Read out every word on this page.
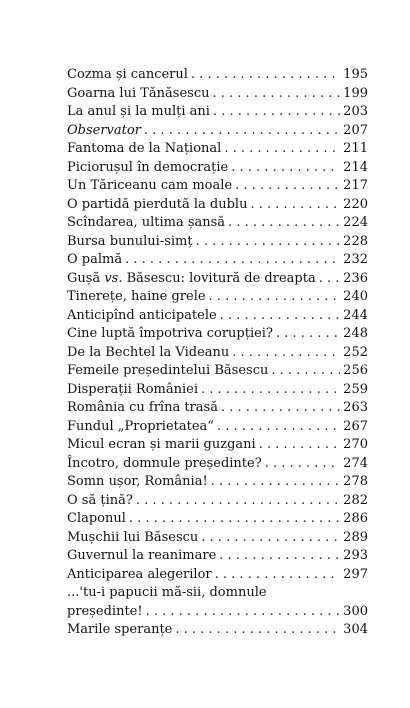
Cozma și cancerul . . .	195
Goarna lui Tănăsescu . . .	199
La anul și la mulți ani . . .	203
Observator . . .	207
Fantoma de la Național . . .	211
Piciorușul în democrație . . .	214
Un Tăriceanu cam moale . . .	217
O partidă pierdută la dublu . . .	220
Scîndarea, ultima șansă . . .	224
Bursa bunului-simț . . .	228
O palmă . . .	232
Gușă vs. Băsescu: lovitură de dreapta . . . 236
Tinerețe, haine grele . . .	240
Anticipînd anticipatele . . .	244
Cine luptă împotriva corupției? . . .	248
De la Bechtel la Videanu . . .	252
Femeile președintelui Băsescu . . .	256
Disperații României . . .	259
România cu frîna trasă . . .	263
Fundul „Proprietatea“ . . .	267
Micul ecran și marii guzgani . . .	270
Încotro, domnule președinte? . . .	274
Somn ușor, România! . . .	278
O să țină? . . .	282
Claponul . . .	286
Mușchii lui Băsescu . . .	289
Guvernul la reanimare . . .	293
Anticiparea alegerilor . . .	297
...'tu-i papucii mă-sii, domnule
președinte! . . .	300
Marile speranțe . . .	304
